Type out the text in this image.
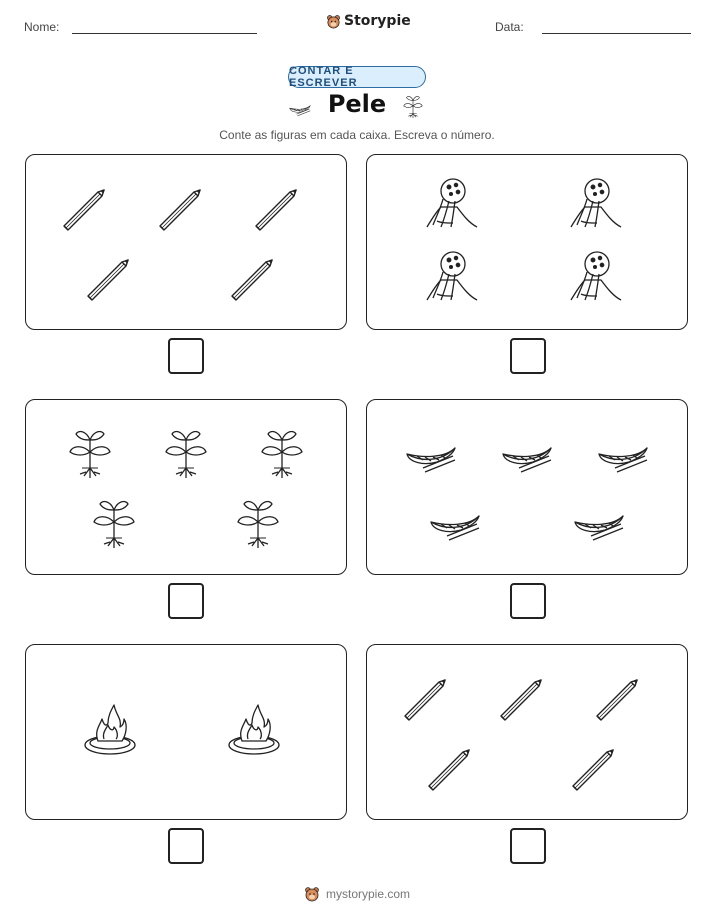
Nome:	Storypie	Data:
CONTAR E ESCREVER
Pele
Conte as figuras em cada caixa. Escreva o número.
mystorypie.com
